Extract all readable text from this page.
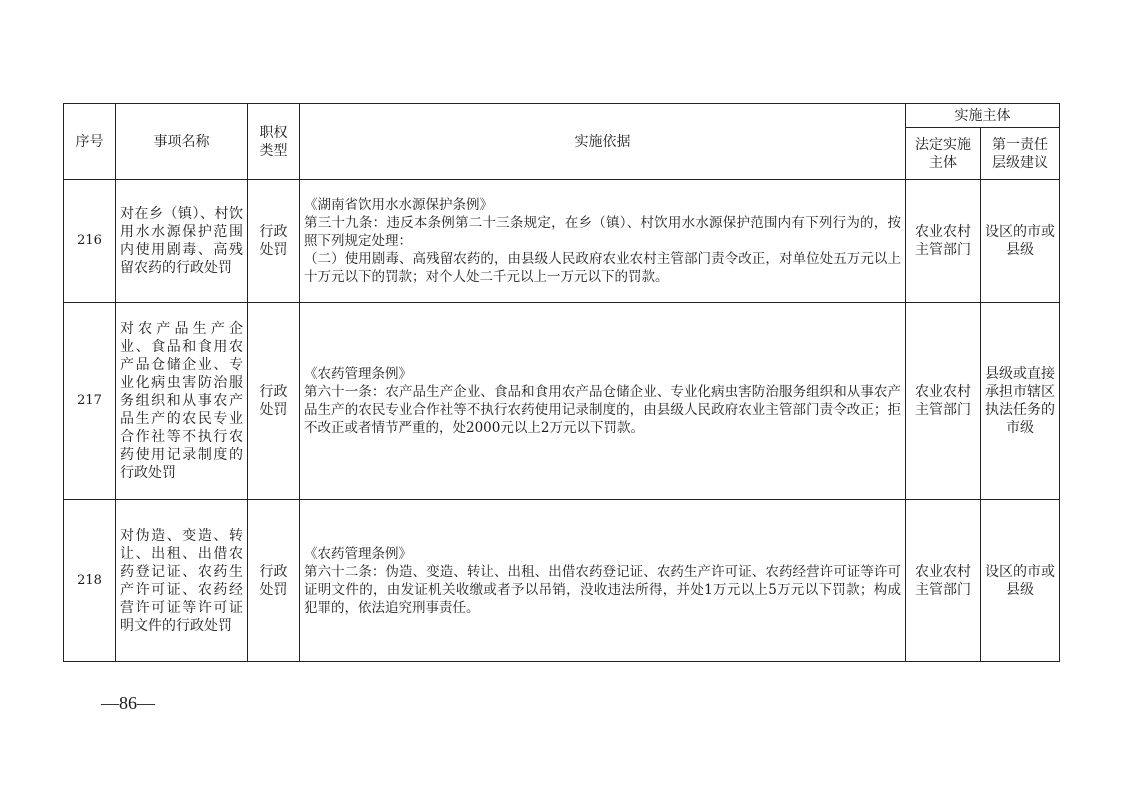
序号	事项名称	职权类型	实施依据	实施主体	
				法定实施主体	第一责任层级建议
216	对在乡（镇）、村饮用水水源保护范围内使用剧毒、高残留农药的行政处罚	行政处罚	《湖南省饮用水水源保护条例》

第三十九条：违反本条例第二十三条规定，在乡（镇）、村饮用水水源保护范围内有下列行为的，按照下列规定处理：

（二）使用剧毒、高残留农药的，由县级人民政府农业农村主管部门责令改正，对单位处五万元以上十万元以下的罚款；对个人处二千元以上一万元以下的罚款。	农业农村主管部门	设区的市或县级
217	对农产品生产企业、食品和食用农产品仓储企业、专业化病虫害防治服务组织和从事农产品生产的农民专业合作社等不执行农药使用记录制度的行政处罚	行政处罚	《农药管理条例》

第六十一条：农产品生产企业、食品和食用农产品仓储企业、专业化病虫害防治服务组织和从事农产品生产的农民专业合作社等不执行农药使用记录制度的，由县级人民政府农业主管部门责令改正；拒不改正或者情节严重的，处2000元以上2万元以下罚款。	农业农村主管部门	县级或直接承担市辖区执法任务的市级
218	对伪造、变造、转让、出租、出借农药登记证、农药生产许可证、农药经营许可证等许可证明文件的行政处罚	行政处罚	《农药管理条例》

第六十二条：伪造、变造、转让、出租、出借农药登记证、农药生产许可证、农药经营许可证等许可证明文件的，由发证机关收缴或者予以吊销，没收违法所得，并处1万元以上5万元以下罚款；构成犯罪的，依法追究刑事责任。	农业农村主管部门	设区的市或县级
—86—
